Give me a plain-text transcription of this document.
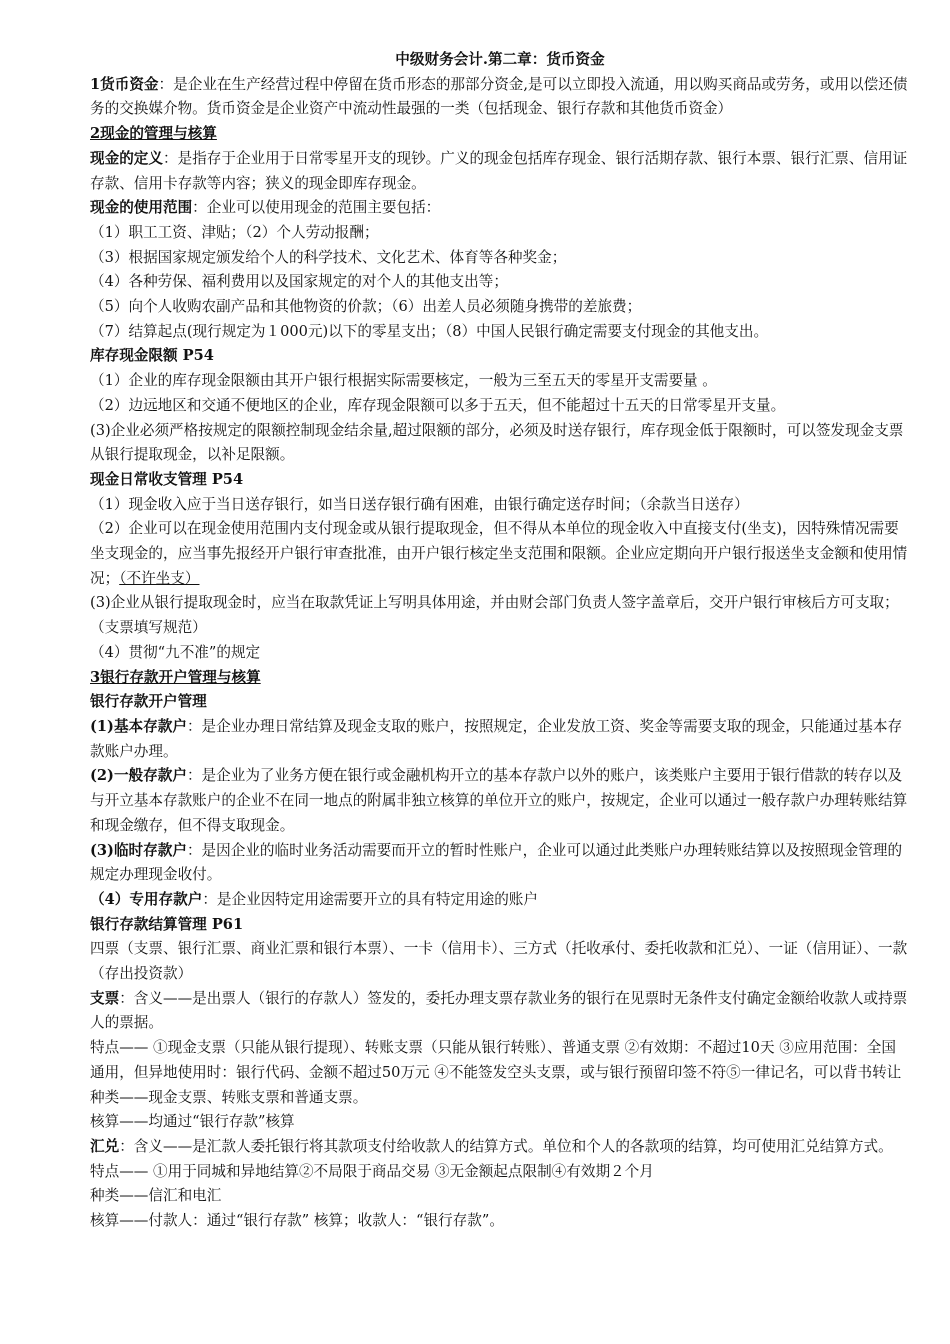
中级财务会计.第二章：货币资金

1货币资金：是企业在生产经营过程中停留在货币形态的那部分资金,是可以立即投入流通，用以购买商品或劳务，或用以偿还债务的交换媒介物。货币资金是企业资产中流动性最强的一类（包括现金、银行存款和其他货币资金）

2现金的管理与核算

现金的定义：是指存于企业用于日常零星开支的现钞。广义的现金包括库存现金、银行活期存款、银行本票、银行汇票、信用证存款、信用卡存款等内容；狭义的现金即库存现金。

现金的使用范围：企业可以使用现金的范围主要包括：

（1）职工工资、津贴；（2）个人劳动报酬；

（3）根据国家规定颁发给个人的科学技术、文化艺术、体育等各种奖金；

（4）各种劳保、福利费用以及国家规定的对个人的其他支出等；

（5）向个人收购农副产品和其他物资的价款；（6）出差人员必须随身携带的差旅费；

（7）结算起点(现行规定为１000元)以下的零星支出；（8）中国人民银行确定需要支付现金的其他支出。

库存现金限额 P54

（1）企业的库存现金限额由其开户银行根据实际需要核定，一般为三至五天的零星开支需要量 。

（2）边远地区和交通不便地区的企业，库存现金限额可以多于五天，但不能超过十五天的日常零星开支量。

(3)企业必须严格按规定的限额控制现金结余量,超过限额的部分，必须及时送存银行，库存现金低于限额时，可以签发现金支票从银行提取现金，以补足限额。

现金日常收支管理 P54

（1）现金收入应于当日送存银行，如当日送存银行确有困难，由银行确定送存时间；（余款当日送存）

（2）企业可以在现金使用范围内支付现金或从银行提取现金，但不得从本单位的现金收入中直接支付(坐支)，因特殊情况需要坐支现金的，应当事先报经开户银行审查批准，由开户银行核定坐支范围和限额。企业应定期向开户银行报送坐支金额和使用情况；（不许坐支）

(3)企业从银行提取现金时，应当在取款凭证上写明具体用途，并由财会部门负责人签字盖章后，交开户银行审核后方可支取；（支票填写规范）

（4）贯彻“九不准”的规定

3银行存款开户管理与核算

银行存款开户管理

(1)基本存款户：是企业办理日常结算及现金支取的账户，按照规定，企业发放工资、奖金等需要支取的现金，只能通过基本存款账户办理。

(2)一般存款户：是企业为了业务方便在银行或金融机构开立的基本存款户以外的账户，该类账户主要用于银行借款的转存以及与开立基本存款账户的企业不在同一地点的附属非独立核算的单位开立的账户，按规定，企业可以通过一般存款户办理转账结算和现金缴存，但不得支取现金。

(3)临时存款户：是因企业的临时业务活动需要而开立的暂时性账户，企业可以通过此类账户办理转账结算以及按照现金管理的规定办理现金收付。

（4）专用存款户：是企业因特定用途需要开立的具有特定用途的账户

银行存款结算管理 P61

四票（支票、银行汇票、商业汇票和银行本票）、一卡（信用卡）、三方式（托收承付、委托收款和汇兑）、一证（信用证）、一款（存出投资款）

支票：含义——是出票人（银行的存款人）签发的，委托办理支票存款业务的银行在见票时无条件支付确定金额给收款人或持票人的票据。

特点—— ①现金支票（只能从银行提现）、转账支票（只能从银行转账）、普通支票 ②有效期：不超过10天 ③应用范围：全国通用，但异地使用时：银行代码、金额不超过50万元 ④不能签发空头支票，或与银行预留印签不符⑤一律记名，可以背书转让

种类——现金支票、转账支票和普通支票。

核算——均通过“银行存款”核算

汇兑：含义——是汇款人委托银行将其款项支付给收款人的结算方式。单位和个人的各款项的结算，均可使用汇兑结算方式。

特点—— ①用于同城和异地结算②不局限于商品交易 ③无金额起点限制④有效期２个月

种类——信汇和电汇

核算——付款人：通过“银行存款” 核算；收款人：“银行存款”。
